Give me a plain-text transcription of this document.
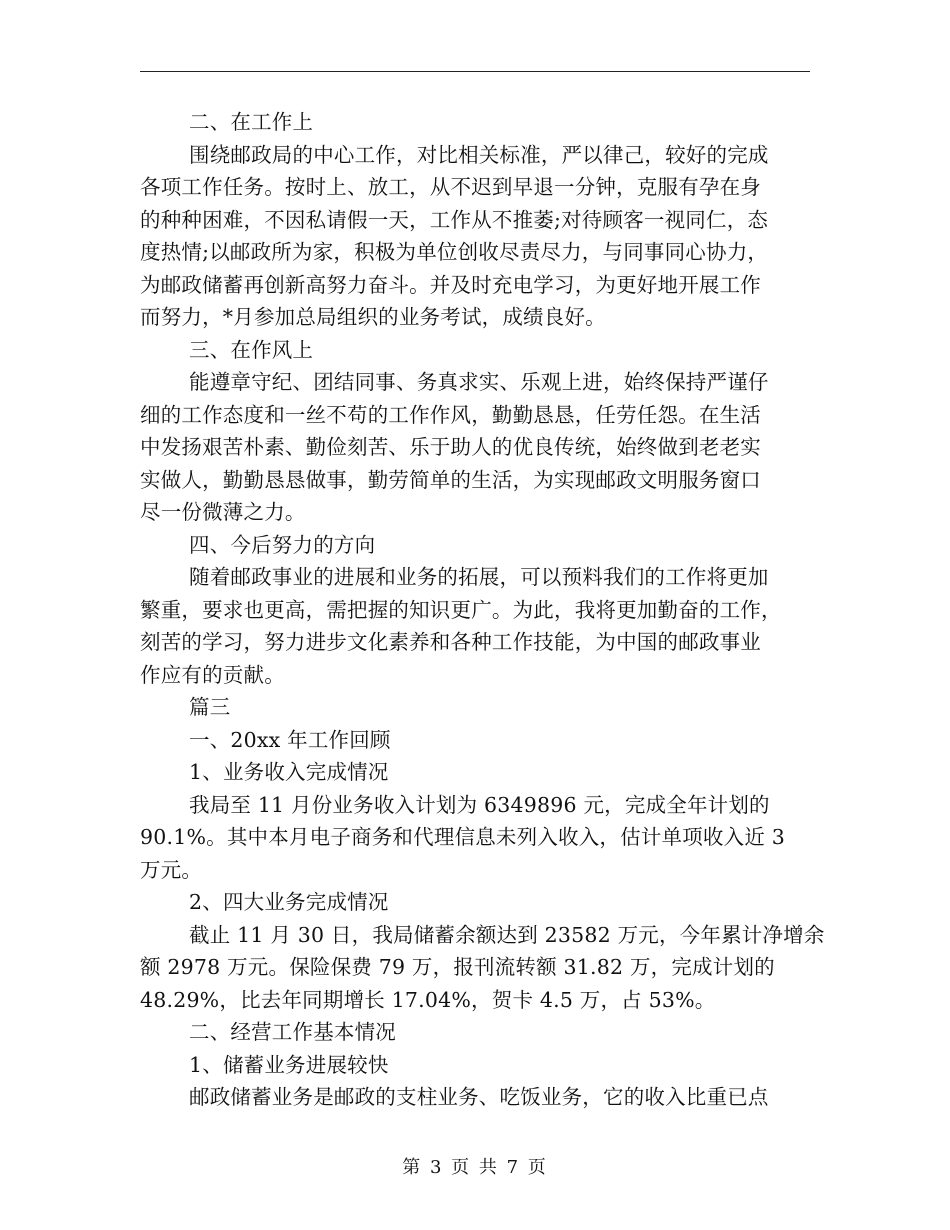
二、在工作上
围绕邮政局的中心工作，对比相关标准，严以律己，较好的完成
各项工作任务。按时上、放工，从不迟到早退一分钟，克服有孕在身
的种种困难，不因私请假一天，工作从不推萎;对待顾客一视同仁，态
度热情;以邮政所为家，积极为单位创收尽责尽力，与同事同心协力，
为邮政储蓄再创新高努力奋斗。并及时充电学习，为更好地开展工作
而努力，*月参加总局组织的业务考试，成绩良好。
三、在作风上
能遵章守纪、团结同事、务真求实、乐观上进，始终保持严谨仔
细的工作态度和一丝不苟的工作作风，勤勤恳恳，任劳任怨。在生活
中发扬艰苦朴素、勤俭刻苦、乐于助人的优良传统，始终做到老老实
实做人，勤勤恳恳做事，勤劳简单的生活，为实现邮政文明服务窗口
尽一份微薄之力。
四、今后努力的方向
随着邮政事业的进展和业务的拓展，可以预料我们的工作将更加
繁重，要求也更高，需把握的知识更广。为此，我将更加勤奋的工作，
刻苦的学习，努力进步文化素养和各种工作技能，为中国的邮政事业
作应有的贡献。
篇三
一、20xx 年工作回顾
1、业务收入完成情况
我局至 11 月份业务收入计划为 6349896 元，完成全年计划的
90.1%。其中本月电子商务和代理信息未列入收入，估计单项收入近 3
万元。
2、四大业务完成情况
截止 11 月 30 日，我局储蓄余额达到 23582 万元，今年累计净增余
额 2978 万元。保险保费 79 万，报刊流转额 31.82 万，完成计划的
48.29%，比去年同期增长 17.04%，贺卡 4.5 万，占 53%。
二、经营工作基本情况
1、储蓄业务进展较快
邮政储蓄业务是邮政的支柱业务、吃饭业务，它的收入比重已点
第 3 页 共 7 页
